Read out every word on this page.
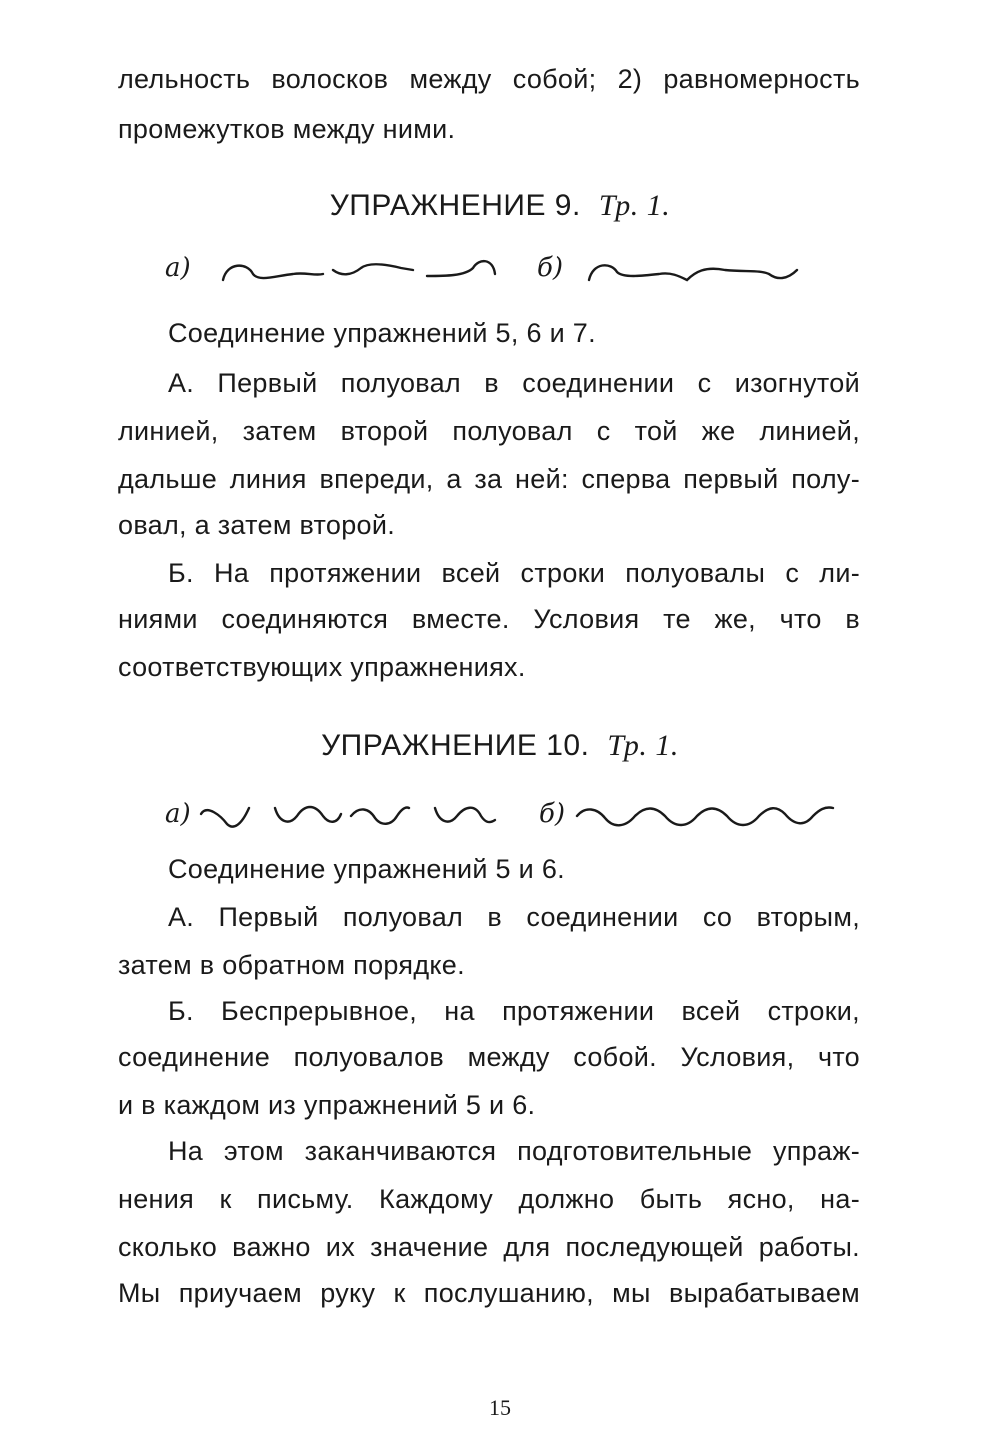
лельность волосков между собой; 2) равномерность
промежутков между ними.
УПРАЖНЕНИЕ 9. Тр. 1.
а)	б)
Соединение упражнений 5, 6 и 7.
А. Первый полуовал в соединении с изогнутой
линией, затем второй полуовал с той же линией,
дальше линия впереди, а за ней: сперва первый полу-
овал, а затем второй.
Б. На протяжении всей строки полуовалы с ли-
ниями соединяются вместе. Условия те же, что в
соответствующих упражнениях.
УПРАЖНЕНИЕ 10. Тр. 1.
а)	б)
Соединение упражнений 5 и 6.
А. Первый полуовал в соединении со вторым,
затем в обратном порядке.
Б. Беспрерывное, на протяжении всей строки,
соединение полуовалов между собой. Условия, что
и в каждом из упражнений 5 и 6.
На этом заканчиваются подготовительные упраж-
нения к письму. Каждому должно быть ясно, на-
сколько важно их значение для последующей работы.
Мы приучаем руку к послушанию, мы вырабатываем
15
